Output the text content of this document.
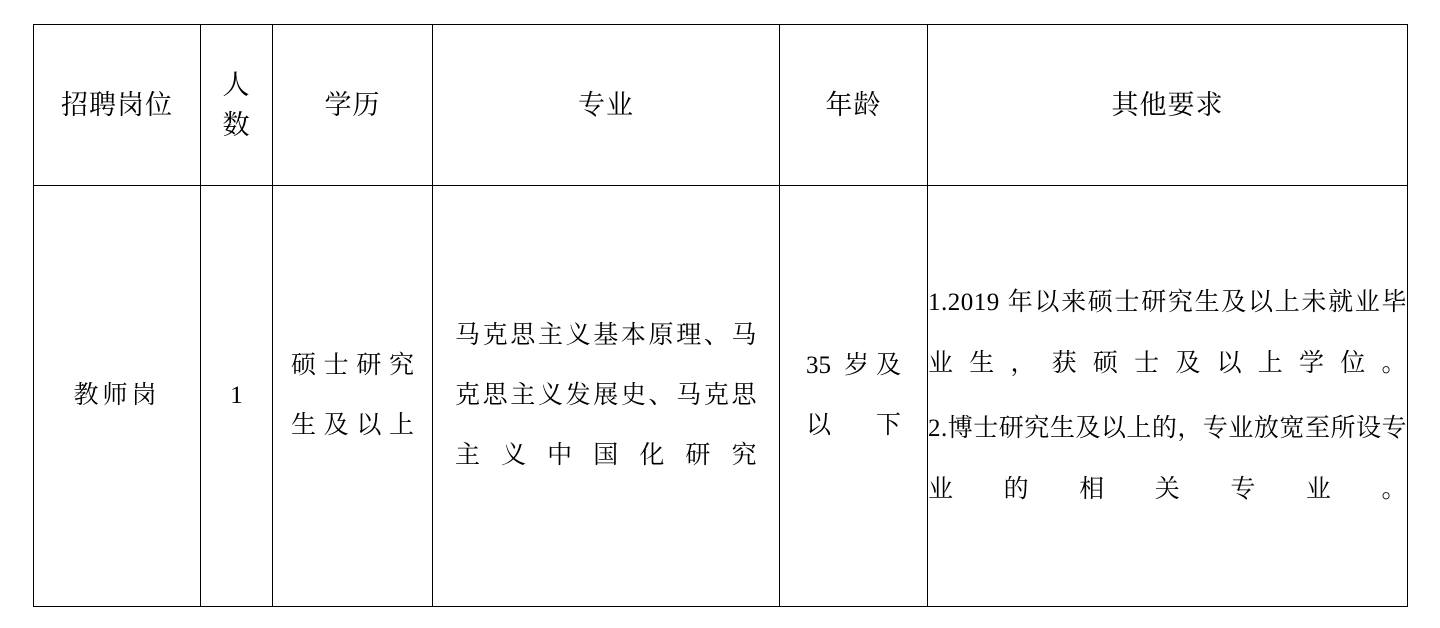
招聘岗位	人数	学历	专业	年龄	其他要求

教师岗	1	硕士研究生及以上	马克思主义基本原理、马克思主义发展史、马克思主义中国化研究	35 岁及以下	1.2019 年以来硕士研究生及以上未就业毕业生，获硕士及以上学位。

2.博士研究生及以上的，专业放宽至所设专业的相关专业。
